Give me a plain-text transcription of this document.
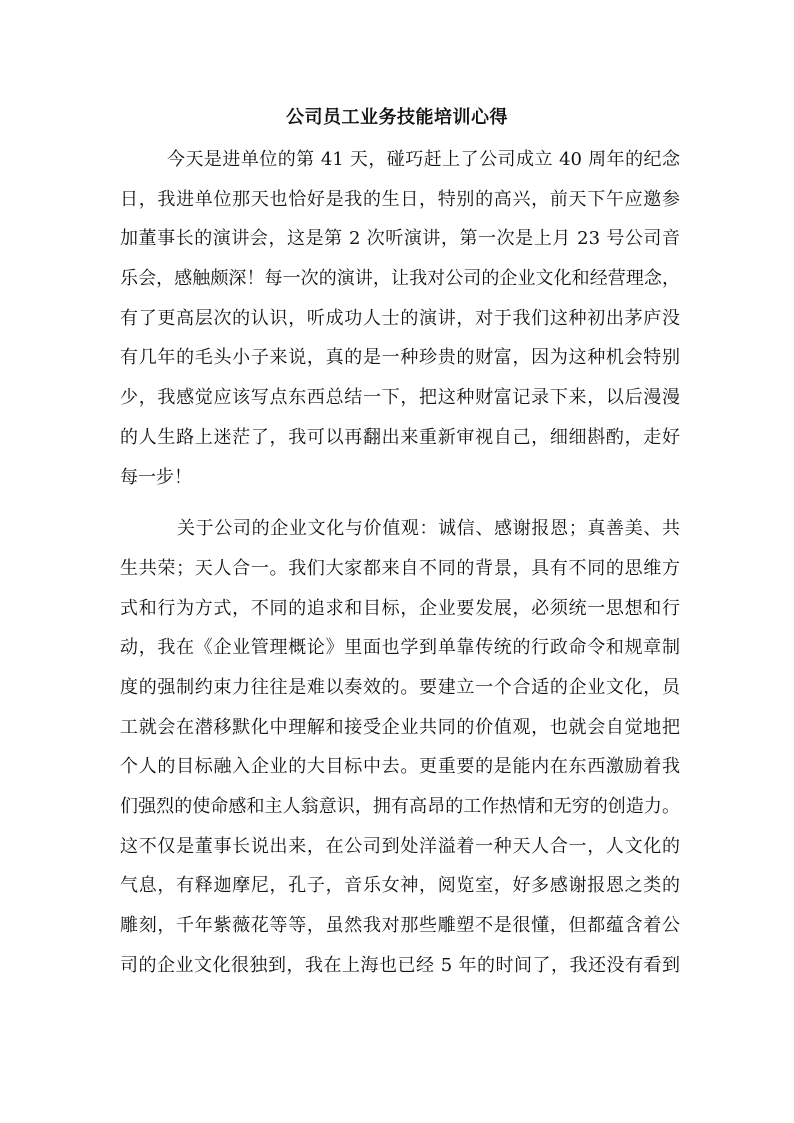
公司员工业务技能培训心得
今天是进单位的第 41 天，碰巧赶上了公司成立 40 周年的纪念
日，我进单位那天也恰好是我的生日，特别的高兴，前天下午应邀参
加董事长的演讲会，这是第 2 次听演讲，第一次是上月 23 号公司音
乐会，感触颇深！每一次的演讲，让我对公司的企业文化和经营理念，
有了更高层次的认识，听成功人士的演讲，对于我们这种初出茅庐没
有几年的毛头小子来说，真的是一种珍贵的财富，因为这种机会特别
少，我感觉应该写点东西总结一下，把这种财富记录下来，以后漫漫
的人生路上迷茫了，我可以再翻出来重新审视自己，细细斟酌，走好
每一步！
关于公司的企业文化与价值观：诚信、感谢报恩；真善美、共
生共荣；天人合一。我们大家都来自不同的背景，具有不同的思维方
式和行为方式，不同的追求和目标，企业要发展，必须统一思想和行
动，我在《企业管理概论》里面也学到单靠传统的行政命令和规章制
度的强制约束力往往是难以奏效的。要建立一个合适的企业文化，员
工就会在潜移默化中理解和接受企业共同的价值观，也就会自觉地把
个人的目标融入企业的大目标中去。更重要的是能内在东西激励着我
们强烈的使命感和主人翁意识，拥有高昂的工作热情和无穷的创造力。
这不仅是董事长说出来，在公司到处洋溢着一种天人合一，人文化的
气息，有释迦摩尼，孔子，音乐女神，阅览室，好多感谢报恩之类的
雕刻，千年紫薇花等等，虽然我对那些雕塑不是很懂，但都蕴含着公
司的企业文化很独到，我在上海也已经 5 年的时间了，我还没有看到
